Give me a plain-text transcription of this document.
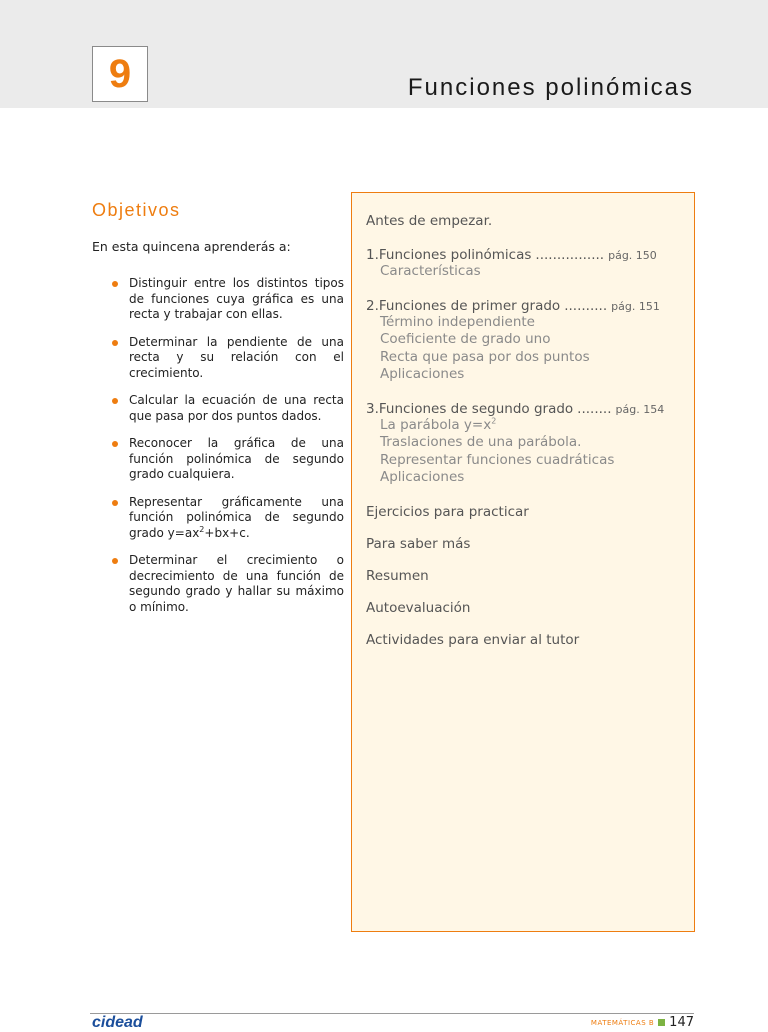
9	Funciones polinómicas
Objetivos
En esta quincena aprenderás a:
Distinguir entre los distintos tipos de funciones cuya gráfica es una recta y trabajar con ellas.
Determinar la pendiente de una recta y su relación con el crecimiento.
Calcular la ecuación de una recta que pasa por dos puntos dados.
Reconocer la gráfica de una función polinómica de segundo grado cualquiera.
Representar gráficamente una función polinómica de segundo grado $y=ax^2+bx+c$.
Determinar el crecimiento o decrecimiento de una función de segundo grado y hallar su máximo o mínimo.
Antes de empezar.
1.Funciones polinómicas ................ pág. 150
Características
2.Funciones de primer grado .......... pág. 151
Término independiente
Coeficiente de grado uno
Recta que pasa por dos puntos
Aplicaciones
3.Funciones de segundo grado ........ pág. 154
La parábola $y=x^2$
Traslaciones de una parábola.
Representar funciones cuadráticas
Aplicaciones
Ejercicios para practicar
Para saber más
Resumen
Autoevaluación
Actividades para enviar al tutor
cidead	MATEMÁTICAS B 147
